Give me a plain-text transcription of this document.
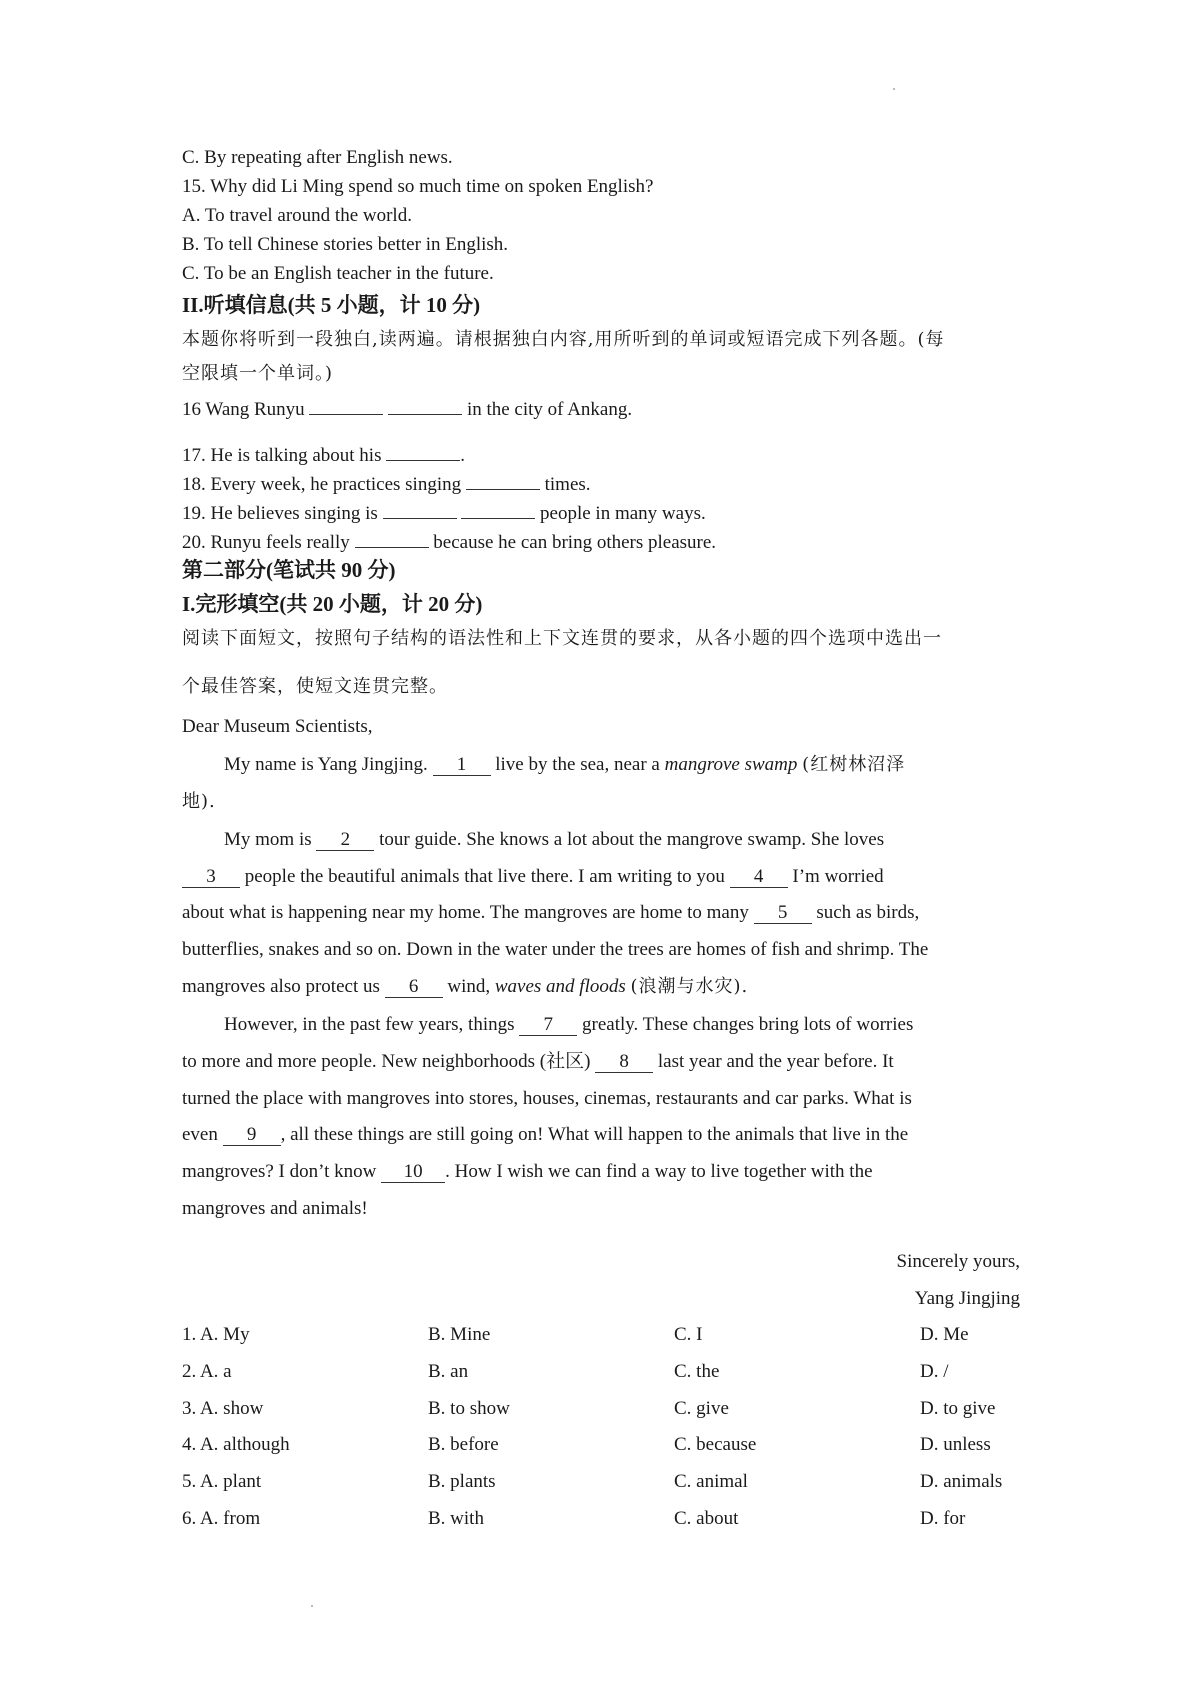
C. By repeating after English news.
15. Why did Li Ming spend so much time on spoken English?
A. To travel around the world.
B. To tell Chinese stories better in English.
C. To be an English teacher in the future.
II.听填信息(共 5 小题，计 10 分)
本题你将听到一段独白,读两遍。请根据独白内容,用所听到的单词或短语完成下列各题。(每
空限填一个单词。)
16 Wang Runyu	in the city of Ankang.
17. He is talking about his	.
18. Every week, he practices singing	times.
19. He believes singing is	people in many ways.
20. Runyu feels really	because he can bring others pleasure.
第二部分(笔试共 90 分)
I.完形填空(共 20 小题，计 20 分)
阅读下面短文，按照句子结构的语法性和上下文连贯的要求，从各小题的四个选项中选出一
个最佳答案，使短文连贯完整。
Dear Museum Scientists,
My name is Yang Jingjing. 1 live by the sea, near a mangrove swamp (红树林沼泽
地).
My mom is 2 tour guide. She knows a lot about the mangrove swamp. She loves
3 people the beautiful animals that live there. I am writing to you 4 I’m worried
about what is happening near my home. The mangroves are home to many 5 such as birds,
butterflies, snakes and so on. Down in the water under the trees are homes of fish and shrimp. The
mangroves also protect us 6 wind, waves and floods (浪潮与水灾).
However, in the past few years, things 7 greatly. These changes bring lots of worries
to more and more people. New neighborhoods (社区) 8 last year and the year before. It
turned the place with mangroves into stores, houses, cinemas, restaurants and car parks. What is
even 9 , all these things are still going on! What will happen to the animals that live in the
mangroves? I don’t know 10 . How I wish we can find a way to live together with the
mangroves and animals!
Sincerely yours,
Yang Jingjing
1. A. My	B. Mine	C. I	D. Me
2. A. a	B. an	C. the	D. /
3. A. show	B. to show	C. give	D. to give
4. A. although	B. before	C. because	D. unless
5. A. plant	B. plants	C. animal	D. animals
6. A. from	B. with	C. about	D. for
